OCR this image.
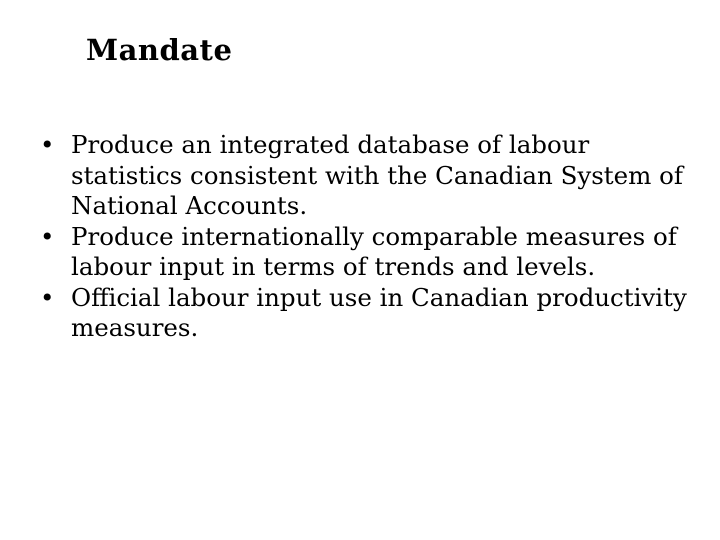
Mandate
• Produce an integrated database of labour statistics consistent with the Canadian System of National Accounts.
• Produce internationally comparable measures of labour input in terms of trends and levels.
• Official labour input use in Canadian productivity measures.
